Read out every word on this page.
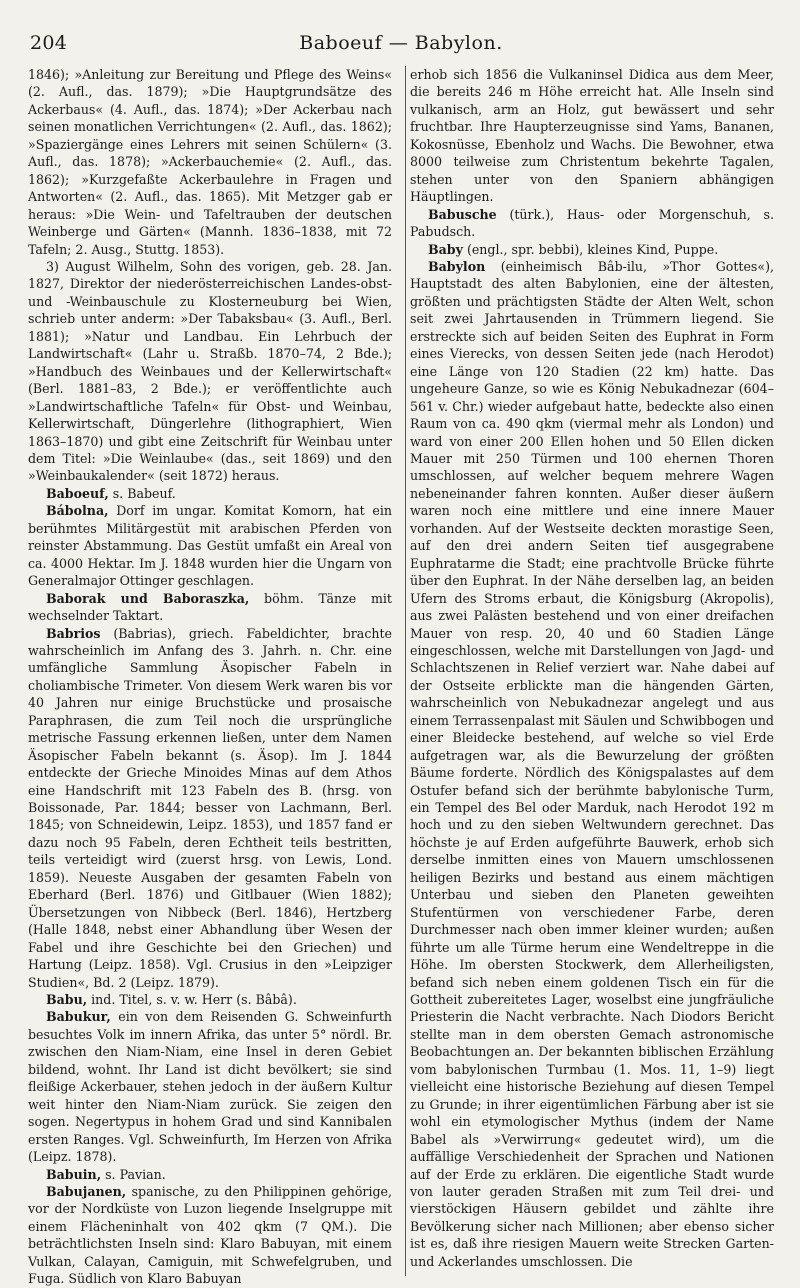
204	Baboeuf — Babylon.

1846); »Anleitung zur Bereitung und Pflege des Weins« (2. Aufl., das. 1879); »Die Hauptgrundsätze des Ackerbaus« (4. Aufl., das. 1874); »Der Ackerbau nach seinen monatlichen Verrichtungen« (2. Aufl., das. 1862); »Spaziergänge eines Lehrers mit seinen Schülern« (3. Aufl., das. 1878); »Ackerbauchemie« (2. Aufl., das. 1862); »Kurzgefaßte Ackerbaulehre in Fragen und Antworten« (2. Aufl., das. 1865). Mit Metzger gab er heraus: »Die Wein- und Tafeltrauben der deutschen Weinberge und Gärten« (Mannh. 1836–1838, mit 72 Tafeln; 2. Ausg., Stuttg. 1853).

3) August Wilhelm, Sohn des vorigen, geb. 28. Jan. 1827, Direktor der niederösterreichischen Landes-obst- und -Weinbauschule zu Klosterneuburg bei Wien, schrieb unter anderm: »Der Tabaksbau« (3. Aufl., Berl. 1881); »Natur und Landbau. Ein Lehrbuch der Landwirtschaft« (Lahr u. Straßb. 1870–74, 2 Bde.); »Handbuch des Weinbaues und der Kellerwirtschaft« (Berl. 1881–83, 2 Bde.); er veröffentlichte auch »Landwirtschaftliche Tafeln« für Obst- und Weinbau, Kellerwirtschaft, Düngerlehre (lithographiert, Wien 1863–1870) und gibt eine Zeitschrift für Weinbau unter dem Titel: »Die Weinlaube« (das., seit 1869) und den »Weinbaukalender« (seit 1872) heraus.

Baboeuf, s. Babeuf.

Bábolna, Dorf im ungar. Komitat Komorn, hat ein berühmtes Militärgestüt mit arabischen Pferden von reinster Abstammung. Das Gestüt umfaßt ein Areal von ca. 4000 Hektar. Im J. 1848 wurden hier die Ungarn von Generalmajor Ottinger geschlagen.

Baborak und Baboraszka, böhm. Tänze mit wechselnder Taktart.

Babrios (Babrias), griech. Fabeldichter, brachte wahrscheinlich im Anfang des 3. Jahrh. n. Chr. eine umfängliche Sammlung Äsopischer Fabeln in choliambische Trimeter. Von diesem Werk waren bis vor 40 Jahren nur einige Bruchstücke und prosaische Paraphrasen, die zum Teil noch die ursprüngliche metrische Fassung erkennen ließen, unter dem Namen Äsopischer Fabeln bekannt (s. Äsop). Im J. 1844 entdeckte der Grieche Minoides Minas auf dem Athos eine Handschrift mit 123 Fabeln des B. (hrsg. von Boissonade, Par. 1844; besser von Lachmann, Berl. 1845; von Schneidewin, Leipz. 1853), und 1857 fand er dazu noch 95 Fabeln, deren Echtheit teils bestritten, teils verteidigt wird (zuerst hrsg. von Lewis, Lond. 1859). Neueste Ausgaben der gesamten Fabeln von Eberhard (Berl. 1876) und Gitlbauer (Wien 1882); Übersetzungen von Nibbeck (Berl. 1846), Hertzberg (Halle 1848, nebst einer Abhandlung über Wesen der Fabel und ihre Geschichte bei den Griechen) und Hartung (Leipz. 1858). Vgl. Crusius in den »Leipziger Studien«, Bd. 2 (Leipz. 1879).

Babu, ind. Titel, s. v. w. Herr (s. Bâbâ).

Babukur, ein von dem Reisenden G. Schweinfurth besuchtes Volk im innern Afrika, das unter 5° nördl. Br. zwischen den Niam-Niam, eine Insel in deren Gebiet bildend, wohnt. Ihr Land ist dicht bevölkert; sie sind fleißige Ackerbauer, stehen jedoch in der äußern Kultur weit hinter den Niam-Niam zurück. Sie zeigen den sogen. Negertypus in hohem Grad und sind Kannibalen ersten Ranges. Vgl. Schweinfurth, Im Herzen von Afrika (Leipz. 1878).

Babuin, s. Pavian.

Babujanen, spanische, zu den Philippinen gehörige, vor der Nordküste von Luzon liegende Inselgruppe mit einem Flächeninhalt von 402 qkm (7 QM.). Die beträchtlichsten Inseln sind: Klaro Babuyan, mit einem Vulkan, Calayan, Camiguin, mit Schwefelgruben, und Fuga. Südlich von Klaro Babuyan

erhob sich 1856 die Vulkaninsel Didica aus dem Meer, die bereits 246 m Höhe erreicht hat. Alle Inseln sind vulkanisch, arm an Holz, gut bewässert und sehr fruchtbar. Ihre Haupterzeugnisse sind Yams, Bananen, Kokosnüsse, Ebenholz und Wachs. Die Bewohner, etwa 8000 teilweise zum Christentum bekehrte Tagalen, stehen unter von den Spaniern abhängigen Häuptlingen.

Babusche (türk.), Haus- oder Morgenschuh, s. Pabudsch.

Baby (engl., spr. bebbi), kleines Kind, Puppe.

Babylon (einheimisch Bâb-ilu, »Thor Gottes«), Hauptstadt des alten Babylonien, eine der ältesten, größten und prächtigsten Städte der Alten Welt, schon seit zwei Jahrtausenden in Trümmern liegend. Sie erstreckte sich auf beiden Seiten des Euphrat in Form eines Vierecks, von dessen Seiten jede (nach Herodot) eine Länge von 120 Stadien (22 km) hatte. Das ungeheure Ganze, so wie es König Nebukadnezar (604–561 v. Chr.) wieder aufgebaut hatte, bedeckte also einen Raum von ca. 490 qkm (viermal mehr als London) und ward von einer 200 Ellen hohen und 50 Ellen dicken Mauer mit 250 Türmen und 100 ehernen Thoren umschlossen, auf welcher bequem mehrere Wagen nebeneinander fahren konnten. Außer dieser äußern waren noch eine mittlere und eine innere Mauer vorhanden. Auf der Westseite deckten morastige Seen, auf den drei andern Seiten tief ausgegrabene Euphratarme die Stadt; eine prachtvolle Brücke führte über den Euphrat. In der Nähe derselben lag, an beiden Ufern des Stroms erbaut, die Königsburg (Akropolis), aus zwei Palästen bestehend und von einer dreifachen Mauer von resp. 20, 40 und 60 Stadien Länge eingeschlossen, welche mit Darstellungen von Jagd- und Schlachtszenen in Relief verziert war. Nahe dabei auf der Ostseite erblickte man die hängenden Gärten, wahrscheinlich von Nebukadnezar angelegt und aus einem Terrassenpalast mit Säulen und Schwibbogen und einer Bleidecke bestehend, auf welche so viel Erde aufgetragen war, als die Bewurzelung der größten Bäume forderte. Nördlich des Königspalastes auf dem Ostufer befand sich der berühmte babylonische Turm, ein Tempel des Bel oder Marduk, nach Herodot 192 m hoch und zu den sieben Weltwundern gerechnet. Das höchste je auf Erden aufgeführte Bauwerk, erhob sich derselbe inmitten eines von Mauern umschlossenen heiligen Bezirks und bestand aus einem mächtigen Unterbau und sieben den Planeten geweihten Stufentürmen von verschiedener Farbe, deren Durchmesser nach oben immer kleiner wurden; außen führte um alle Türme herum eine Wendeltreppe in die Höhe. Im obersten Stockwerk, dem Allerheiligsten, befand sich neben einem goldenen Tisch ein für die Gottheit zubereitetes Lager, woselbst eine jungfräuliche Priesterin die Nacht verbrachte. Nach Diodors Bericht stellte man in dem obersten Gemach astronomische Beobachtungen an. Der bekannten biblischen Erzählung vom babylonischen Turmbau (1. Mos. 11, 1–9) liegt vielleicht eine historische Beziehung auf diesen Tempel zu Grunde; in ihrer eigentümlichen Färbung aber ist sie wohl ein etymologischer Mythus (indem der Name Babel als »Verwirrung« gedeutet wird), um die auffällige Verschiedenheit der Sprachen und Nationen auf der Erde zu erklären. Die eigentliche Stadt wurde von lauter geraden Straßen mit zum Teil drei- und vierstöckigen Häusern gebildet und zählte ihre Bevölkerung sicher nach Millionen; aber ebenso sicher ist es, daß ihre riesigen Mauern weite Strecken Garten- und Ackerlandes umschlossen. Die
